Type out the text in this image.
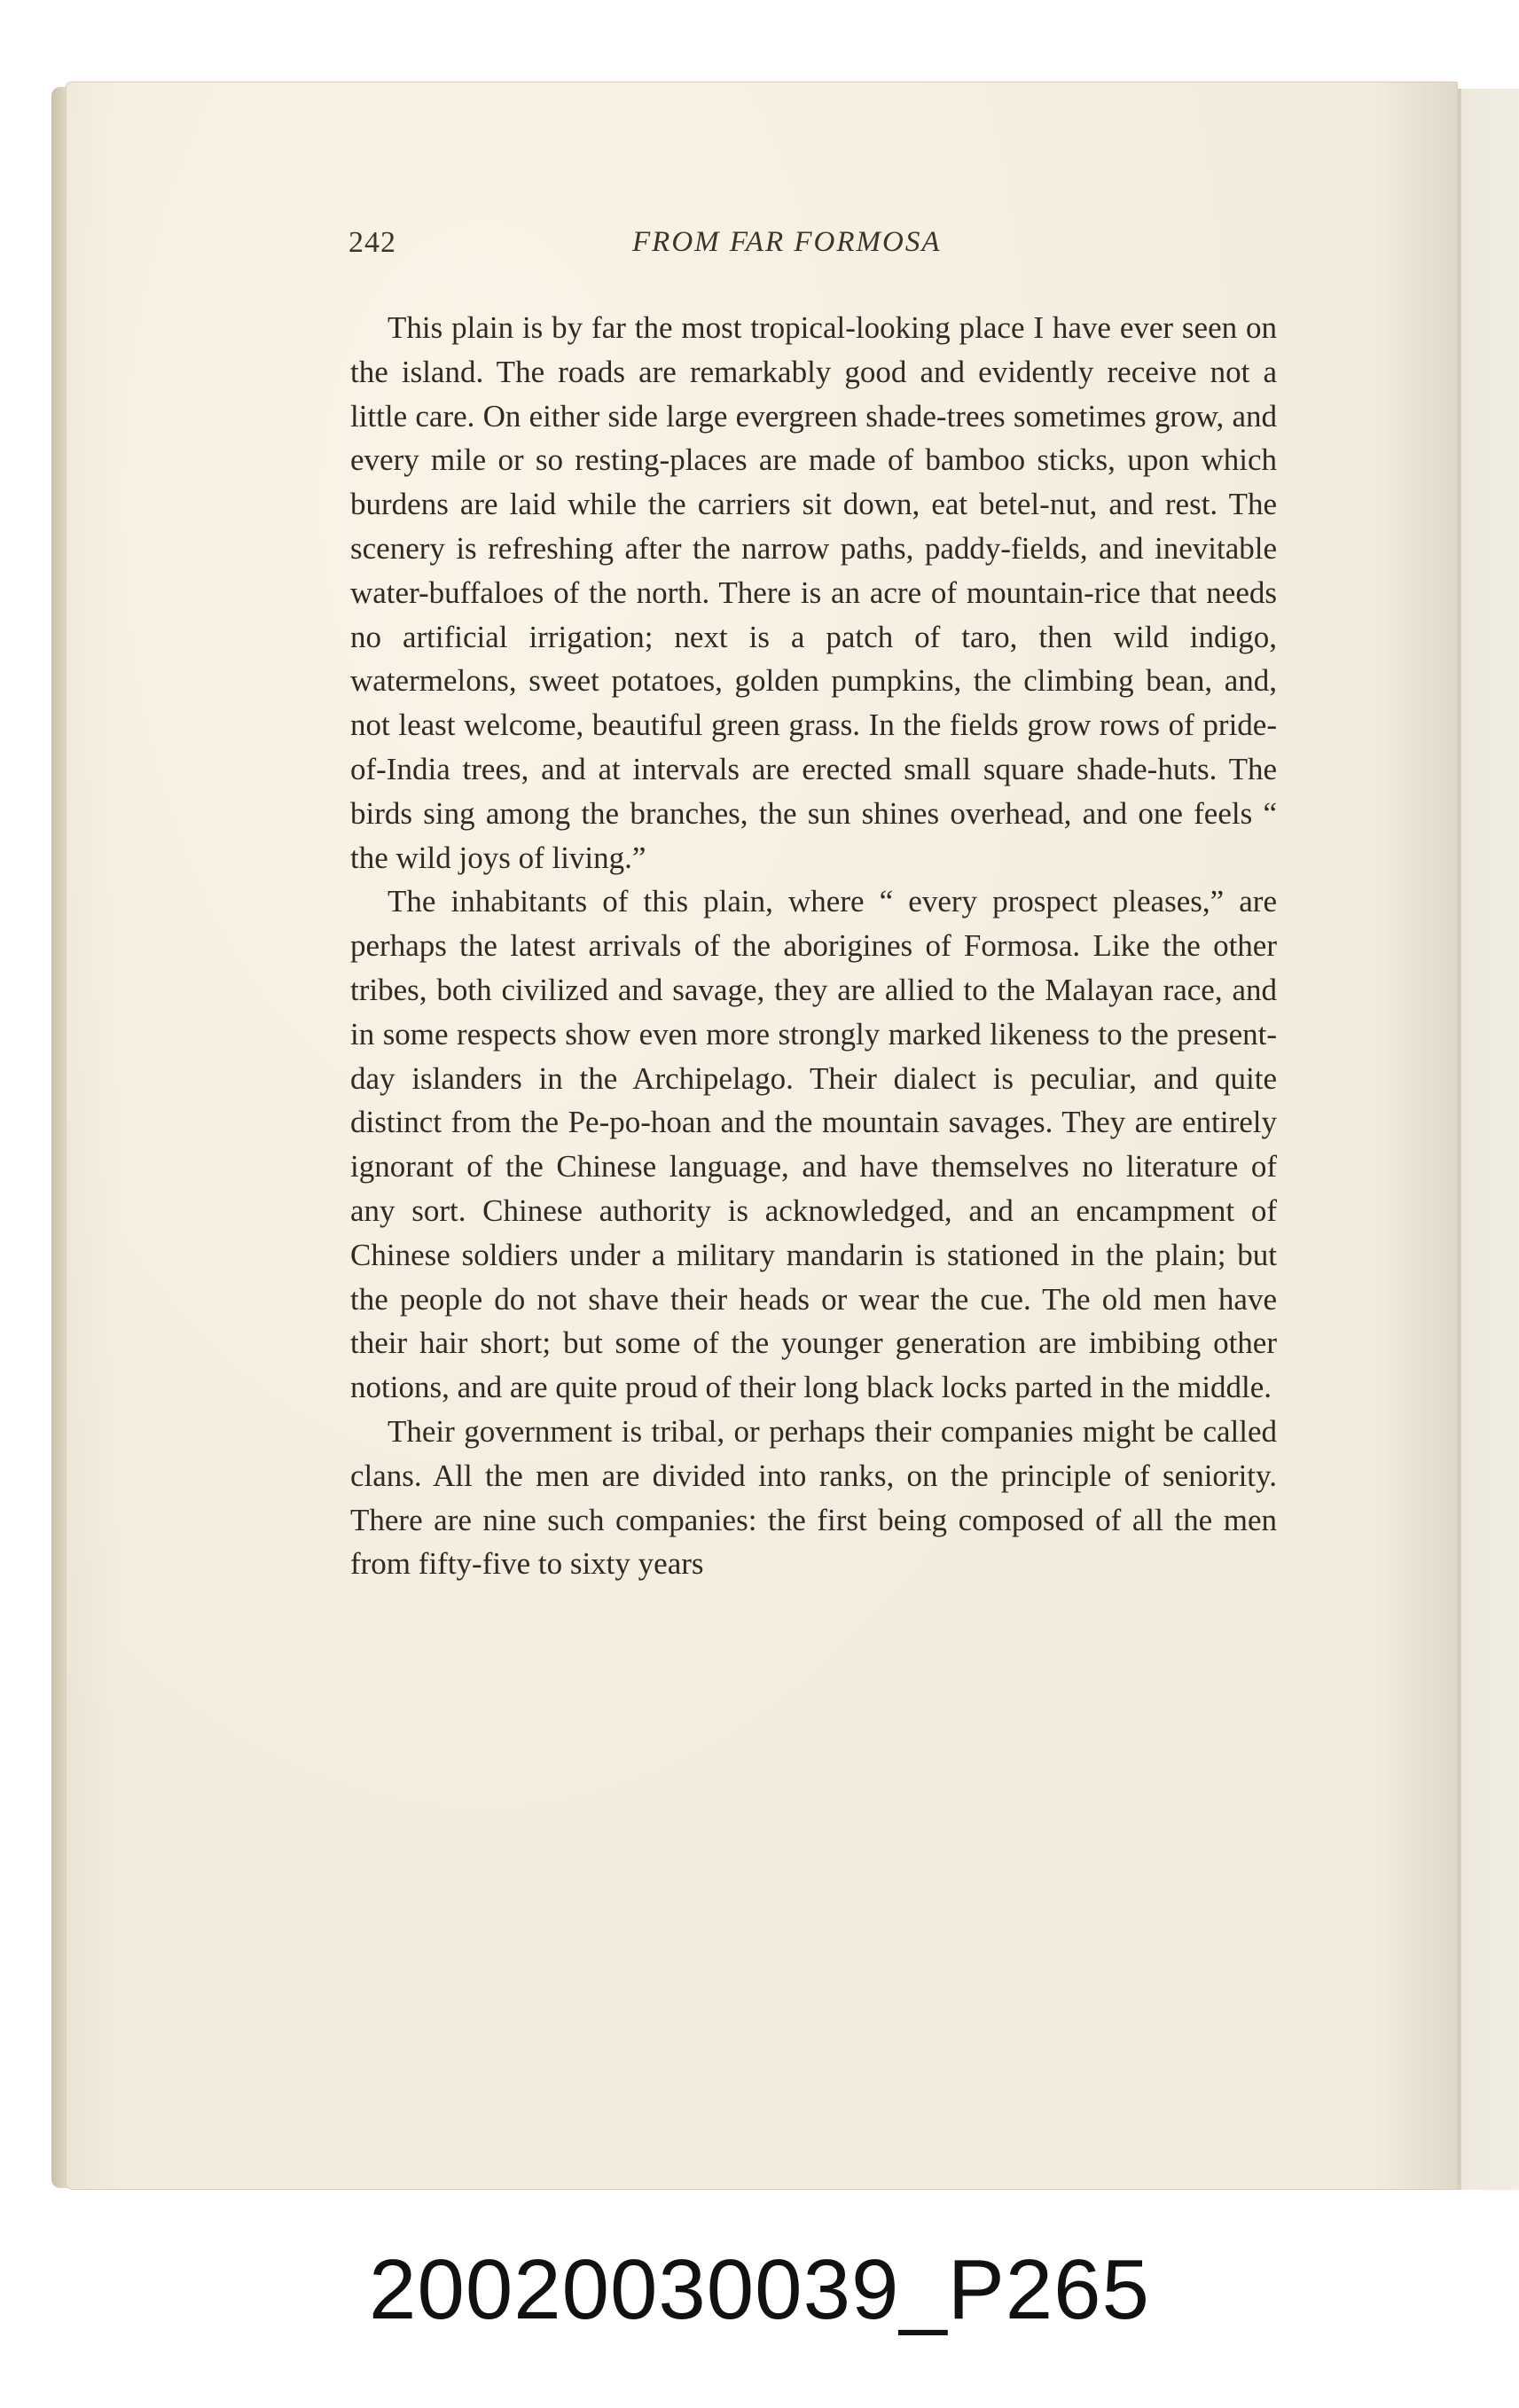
242	FROM FAR FORMOSA

This plain is by far the most tropical-looking place I have ever seen on the island. The roads are remarkably good and evidently receive not a little care. On either side large evergreen shade-trees sometimes grow, and every mile or so resting-places are made of bamboo sticks, upon which burdens are laid while the carriers sit down, eat betel-nut, and rest. The scenery is refreshing after the narrow paths, paddy-fields, and inevitable water-buffaloes of the north. There is an acre of mountain-rice that needs no artificial irrigation; next is a patch of taro, then wild indigo, watermelons, sweet potatoes, golden pumpkins, the climbing bean, and, not least welcome, beautiful green grass. In the fields grow rows of pride-of-India trees, and at intervals are erected small square shade-huts. The birds sing among the branches, the sun shines overhead, and one feels “ the wild joys of living.”

The inhabitants of this plain, where “ every prospect pleases,” are perhaps the latest arrivals of the aborigines of Formosa. Like the other tribes, both civilized and savage, they are allied to the Malayan race, and in some respects show even more strongly marked likeness to the present-day islanders in the Archipelago. Their dialect is peculiar, and quite distinct from the Pe-po-hoan and the mountain savages. They are entirely ignorant of the Chinese language, and have themselves no literature of any sort. Chinese authority is acknowledged, and an encampment of Chinese soldiers under a military mandarin is stationed in the plain; but the people do not shave their heads or wear the cue. The old men have their hair short; but some of the younger generation are imbibing other notions, and are quite proud of their long black locks parted in the middle.

Their government is tribal, or perhaps their companies might be called clans. All the men are divided into ranks, on the principle of seniority. There are nine such companies: the first being composed of all the men from fifty-five to sixty years

20020030039_P265
